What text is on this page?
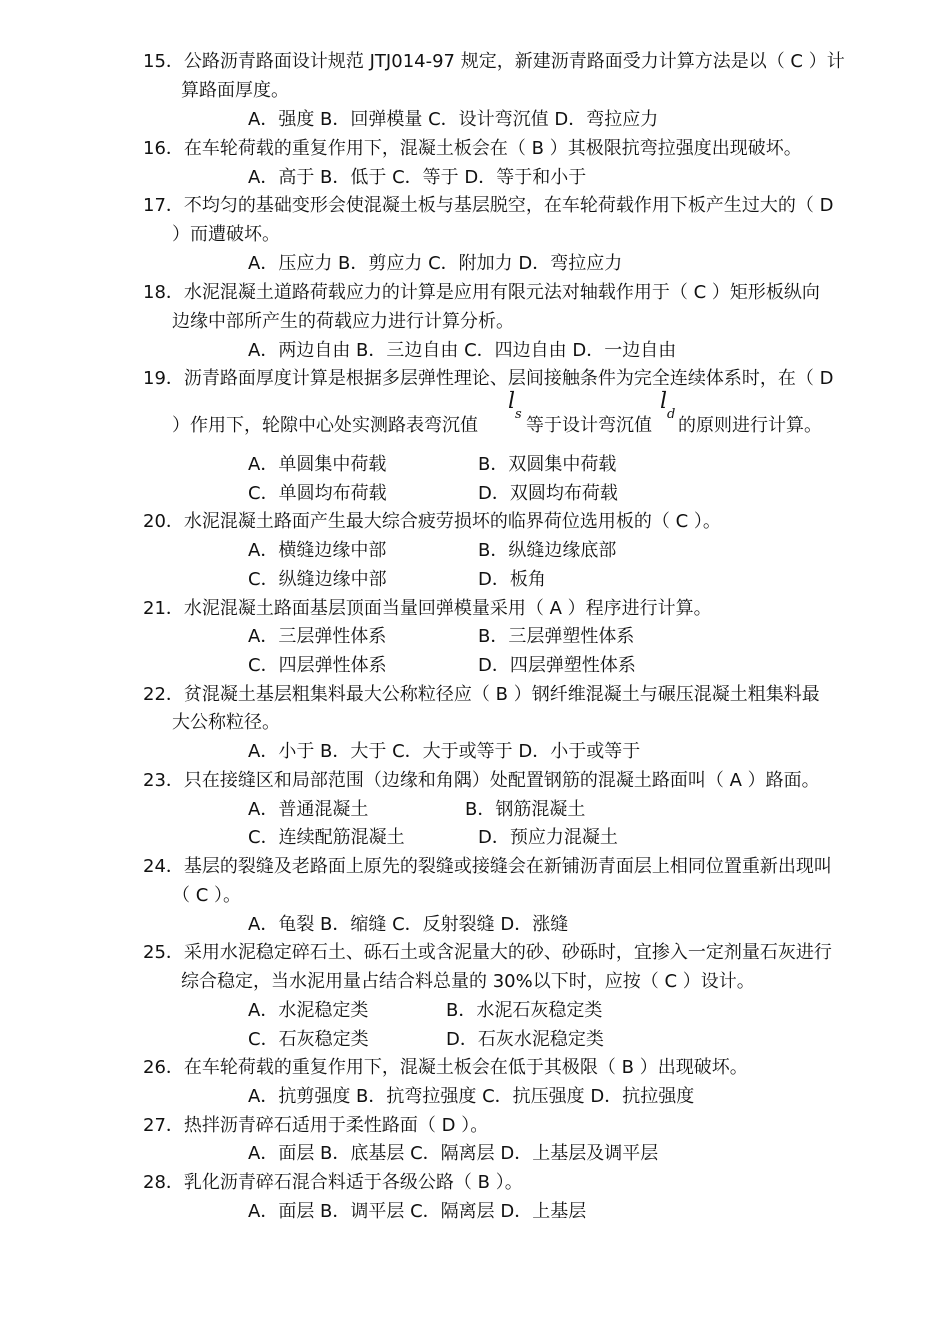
15．公路沥青路面设计规范 JTJ014-97 规定，新建沥青路面受力计算方法是以（ C ）计
算路面厚度。
A．强度 B．回弹模量 C．设计弯沉值 D．弯拉应力
16．在车轮荷载的重复作用下，混凝土板会在（ B ）其极限抗弯拉强度出现破坏。
A．高于 B．低于 C．等于 D．等于和小于
17．不均匀的基础变形会使混凝土板与基层脱空，在车轮荷载作用下板产生过大的（ D
）而遭破坏。
A．压应力 B．剪应力 C．附加力 D．弯拉应力
18．水泥混凝土道路荷载应力的计算是应用有限元法对轴载作用于（ C ）矩形板纵向
边缘中部所产生的荷载应力进行计算分析。
A．两边自由 B．三边自由 C．四边自由 D．一边自由
19．沥青路面厚度计算是根据多层弹性理论、层间接触条件为完全连续体系时，在（ D
）作用下，轮隙中心处实测路表弯沉值
l
s
等于设计弯沉值
l
d
的原则进行计算。
A．单圆集中荷载	B．双圆集中荷载
C．单圆均布荷载	D．双圆均布荷载
20．水泥混凝土路面产生最大综合疲劳损坏的临界荷位选用板的（ C ）。
A．横缝边缘中部	B．纵缝边缘底部
C．纵缝边缘中部	D．板角
21．水泥混凝土路面基层顶面当量回弹模量采用（ A ）程序进行计算。
A．三层弹性体系	B．三层弹塑性体系
C．四层弹性体系	D．四层弹塑性体系
22．贫混凝土基层粗集料最大公称粒径应（ B ）钢纤维混凝土与碾压混凝土粗集料最
大公称粒径。
A．小于 B．大于 C．大于或等于 D．小于或等于
23．只在接缝区和局部范围（边缘和角隅）处配置钢筋的混凝土路面叫（ A ）路面。
A．普通混凝土	B．钢筋混凝土
C．连续配筋混凝土	D．预应力混凝土
24．基层的裂缝及老路面上原先的裂缝或接缝会在新铺沥青面层上相同位置重新出现叫
（ C ）。
A．龟裂 B．缩缝 C．反射裂缝 D．涨缝
25．采用水泥稳定碎石土、砾石土或含泥量大的砂、砂砾时，宜掺入一定剂量石灰进行
综合稳定，当水泥用量占结合料总量的 30%以下时，应按（ C ）设计。
A．水泥稳定类	B．水泥石灰稳定类
C．石灰稳定类	D．石灰水泥稳定类
26．在车轮荷载的重复作用下，混凝土板会在低于其极限（ B ）出现破坏。
A．抗剪强度 B．抗弯拉强度 C．抗压强度 D．抗拉强度
27．热拌沥青碎石适用于柔性路面（ D ）。
A．面层 B．底基层 C．隔离层 D．上基层及调平层
28．乳化沥青碎石混合料适于各级公路（ B ）。
A．面层 B．调平层 C．隔离层 D．上基层
